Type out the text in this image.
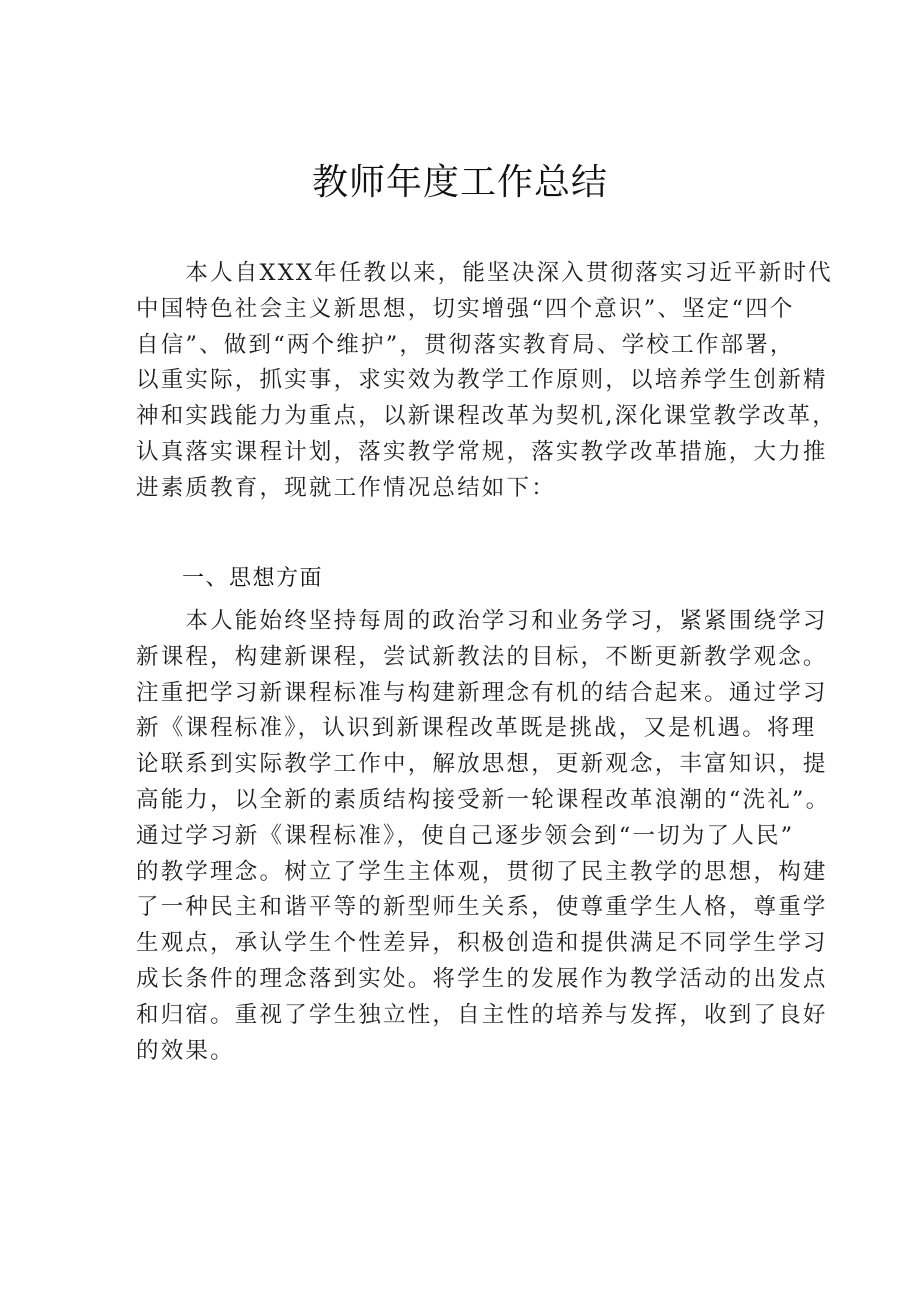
教师年度工作总结
　　本人自XXX年任教以来，能坚决深入贯彻落实习近平新时代
中国特色社会主义新思想，切实增强“四个意识”、坚定“四个
自信”、做到“两个维护”，贯彻落实教育局、学校工作部署，
以重实际，抓实事，求实效为教学工作原则，以培养学生创新精
神和实践能力为重点，以新课程改革为契机,深化课堂教学改革，
认真落实课程计划，落实教学常规，落实教学改革措施，大力推
进素质教育，现就工作情况总结如下：
一、思想方面
　　本人能始终坚持每周的政治学习和业务学习，紧紧围绕学习
新课程，构建新课程，尝试新教法的目标，不断更新教学观念。
注重把学习新课程标准与构建新理念有机的结合起来。通过学习
新《课程标准》，认识到新课程改革既是挑战，又是机遇。将理
论联系到实际教学工作中，解放思想，更新观念，丰富知识，提
高能力，以全新的素质结构接受新一轮课程改革浪潮的“洗礼”。
通过学习新《课程标准》，使自己逐步领会到“一切为了人民”
的教学理念。树立了学生主体观，贯彻了民主教学的思想，构建
了一种民主和谐平等的新型师生关系，使尊重学生人格，尊重学
生观点，承认学生个性差异，积极创造和提供满足不同学生学习
成长条件的理念落到实处。将学生的发展作为教学活动的出发点
和归宿。重视了学生独立性，自主性的培养与发挥，收到了良好
的效果。
